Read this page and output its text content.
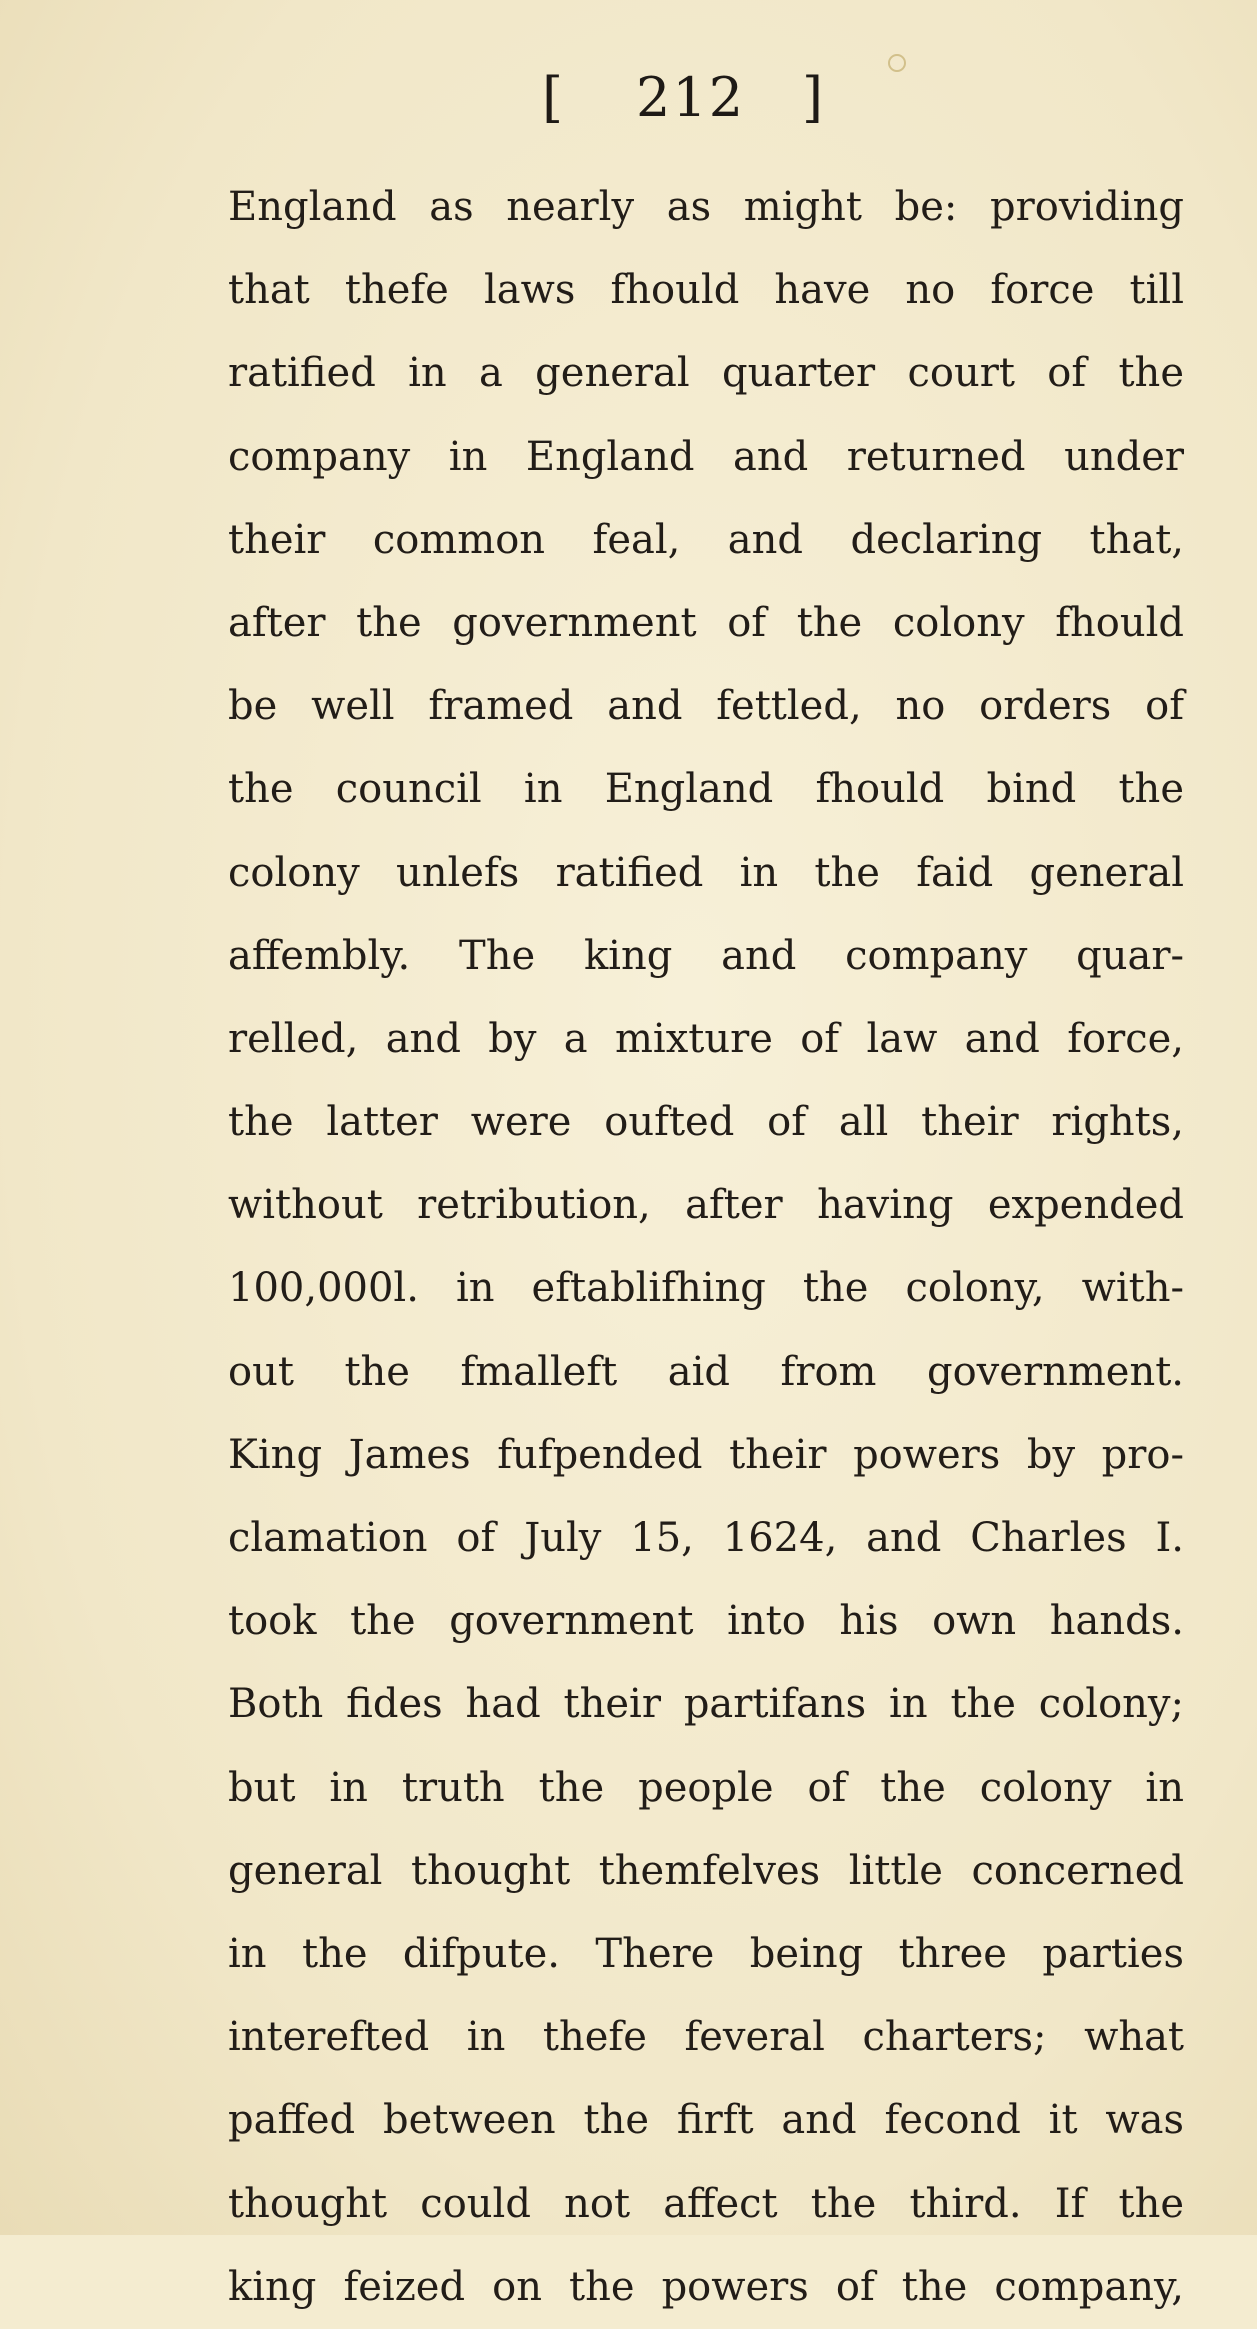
[ 212 ]
England as nearly as might be: providing
that thefe laws fhould have no force till
ratified in a general quarter court of the
company in England and returned under
their common feal, and declaring that,
after the government of the colony fhould
be well framed and fettled, no orders of
the council in England fhould bind the
colony unlefs ratified in the faid general
affembly. The king and company quar-
relled, and by a mixture of law and force,
the latter were oufted of all their rights,
without retribution, after having expended
100,000l. in eftablifhing the colony, with-
out the fmalleft aid from government.
King James fufpended their powers by pro-
clamation of July 15, 1624, and Charles I.
took the government into his own hands.
Both fides had their partifans in the colony;
but in truth the people of the colony in
general thought themfelves little concerned
in the difpute. There being three parties
interefted in thefe feveral charters; what
paffed between the firft and fecond it was
thought could not affect the third. If the
king feized on the powers of the company,
